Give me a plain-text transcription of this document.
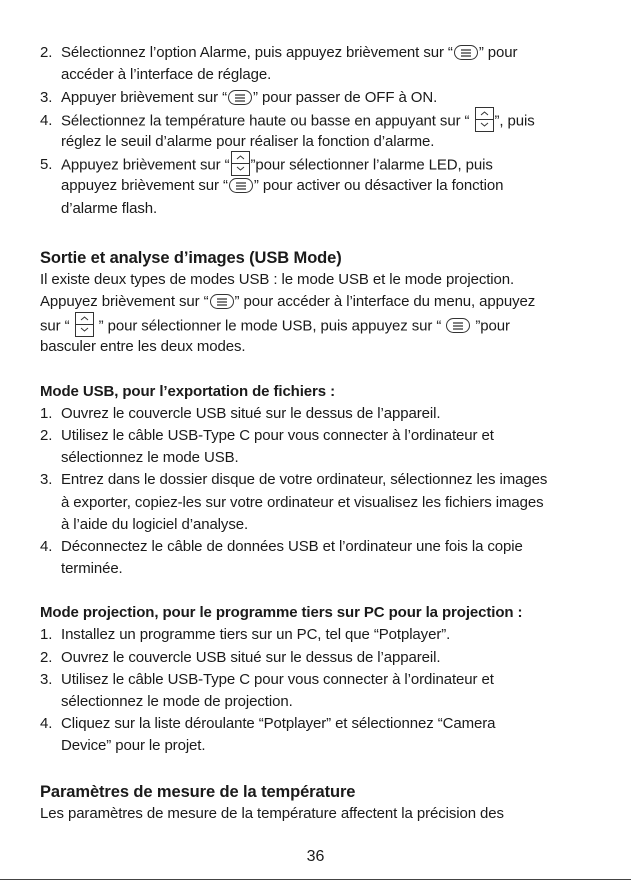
2. Sélectionnez l’option Alarme, puis appuyez brièvement sur “ ” pour
accéder à l’interface de réglage.
3. Appuyer brièvement sur “ ” pour passer de OFF à ON.
4. Sélectionnez la température haute ou basse en appuyant sur “
”, puis
réglez le seuil d’alarme pour réaliser la fonction d’alarme.
5. Appuyez brièvement sur “ ”pour sélectionner l’alarme LED, puis
appuyez brièvement sur “ ” pour activer ou désactiver la fonction
d’alarme flash.
Sortie et analyse d’images (USB Mode)
Il existe deux types de modes USB : le mode USB et le mode projection.
Appuyez brièvement sur “ ” pour accéder à l’interface du menu, appuyez
sur “
” pour sélectionner le mode USB, puis appuyez sur “
”pour
basculer entre les deux modes.
Mode USB, pour l’exportation de fichiers :
1. Ouvrez le couvercle USB situé sur le dessus de l’appareil.
2. Utilisez le câble USB-Type C pour vous connecter à l’ordinateur et
sélectionnez le mode USB.
3. Entrez dans le dossier disque de votre ordinateur, sélectionnez les images
à exporter, copiez-les sur votre ordinateur et visualisez les fichiers images
à l’aide du logiciel d’analyse.
4. Déconnectez le câble de données USB et l’ordinateur une fois la copie
terminée.
Mode projection, pour le programme tiers sur PC pour la projection :
1. Installez un programme tiers sur un PC, tel que “Potplayer”.
2. Ouvrez le couvercle USB situé sur le dessus de l’appareil.
3. Utilisez le câble USB-Type C pour vous connecter à l’ordinateur et
sélectionnez le mode de projection.
4. Cliquez sur la liste déroulante “Potplayer” et sélectionnez “Camera
Device” pour le projet.
Paramètres de mesure de la température
Les paramètres de mesure de la température affectent la précision des
36
